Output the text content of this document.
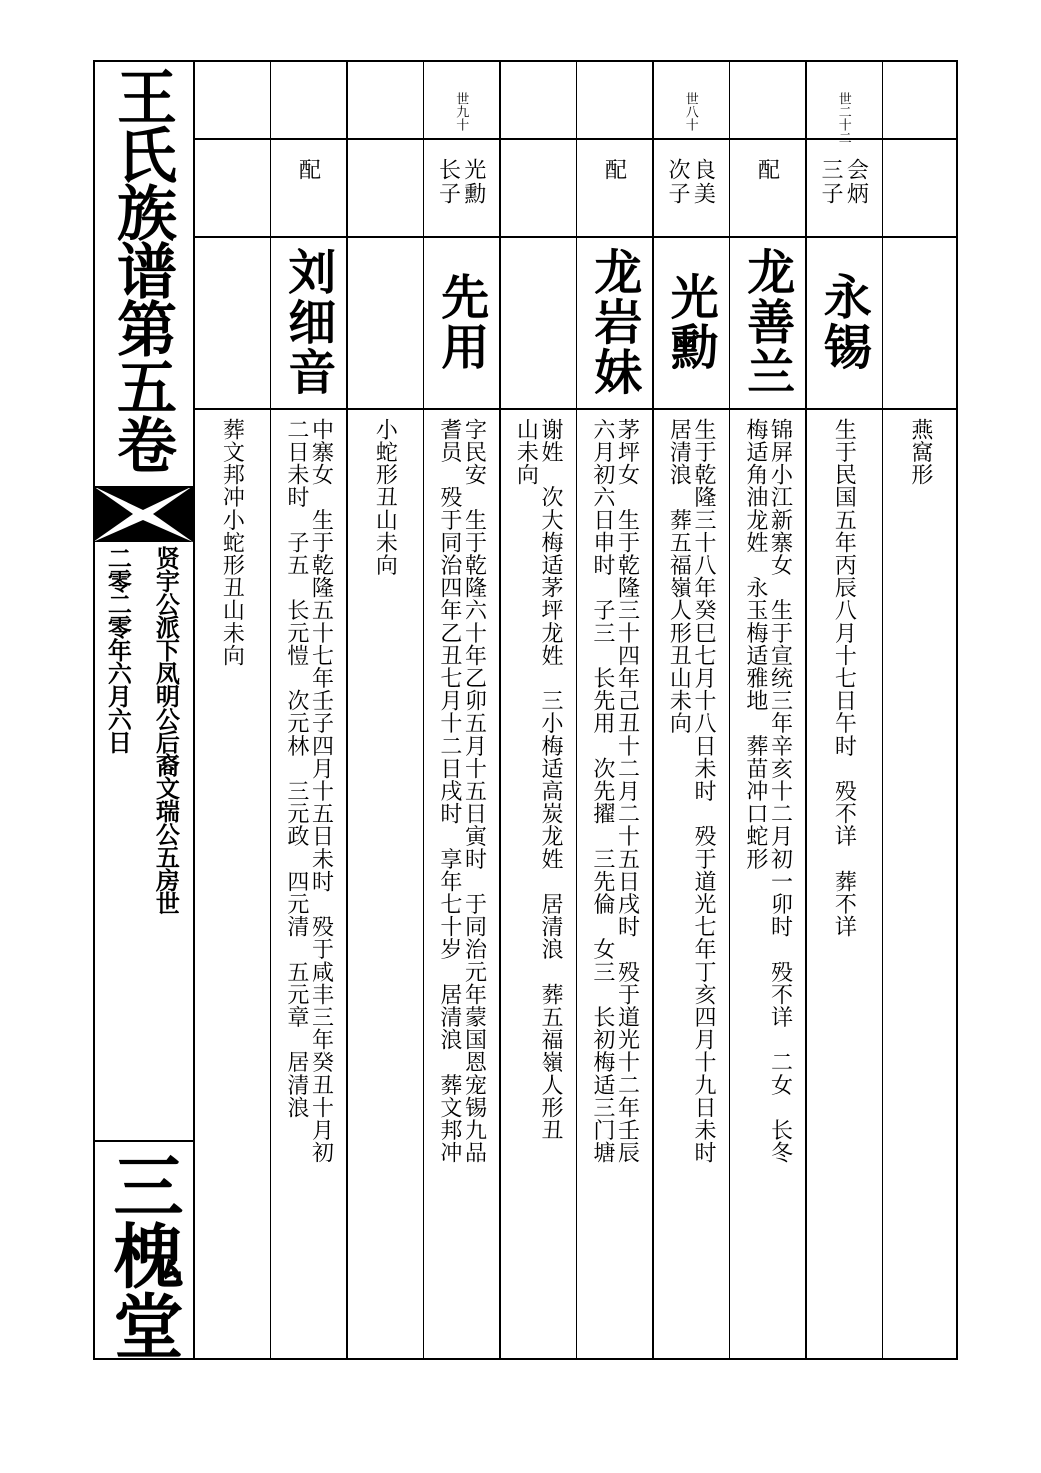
王氏族谱第五卷
贤宇公派下凤明公后裔文瑞公五房世
二零二零年六月六日
三槐堂
燕窩形
世二十二
会炳
三子
永锡
生于民国五年丙辰八月十七日午时　殁不详　葬不详
配
龙善兰
锦屏小江新寨女　生于宣统三年辛亥十二月初一卯时　殁不详　二女　长冬
梅适角油龙姓　永玉梅适雅地　葬苗冲口蛇形
世八十
良美
次子
光勳
生于乾隆三十八年癸巳七月十八日未时　殁于道光七年丁亥四月十九日未时
居清浪　葬五福嶺人形丑山未向
配
龙岩妹
茅坪女　生于乾隆三十四年己丑十二月二十五日戌时　殁于道光十二年壬辰
六月初六日申时　子三　长先用　次先擢　三先倫　女三　长初梅适三门塘
谢姓　次大梅适茅坪龙姓　三小梅适高炭龙姓　居清浪　葬五福嶺人形丑
山未向
世九十
光勳
长子
先用
字民安　生于乾隆六十年乙卯五月十五日寅时　于同治元年蒙国恩宠锡九品
耆员　殁于同治四年乙丑七月十二日戌时　享年七十岁　居清浪　葬文邦冲
小蛇形丑山未向
配
刘细音
中寨女　生于乾隆五十七年壬子四月十五日未时　殁于咸丰三年癸丑十月初
二日未时　子五　长元愷　次元林　三元政　四元清　五元章　居清浪
葬文邦冲小蛇形丑山未向
